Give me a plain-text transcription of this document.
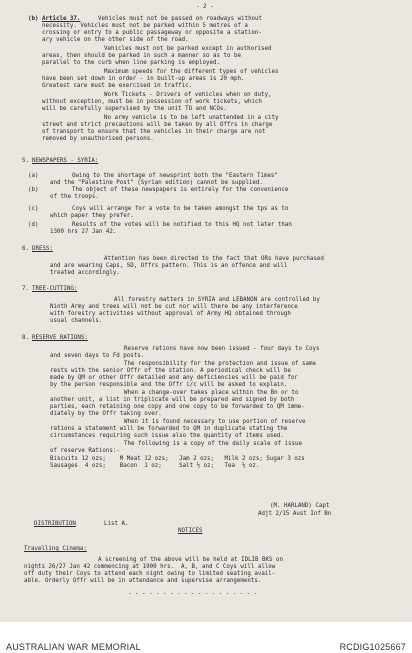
- 2 -
(b) Article 37.	Vehicles must not be passed on roadways without
necessity. Vehicles must not be parked within 5 metres of a
crossing or entry to a public passageway or opposite a station-
ary vehicle on the other side of the road.
Vehicles must not be parked except in authorised
areas, then should be parked in such a manner so as to be
parallel to the curb when line parking is employed.
Maximum speeds for the different types of vehicles
have been set down in order - in built-up areas is 20 mph.
Greatest care must be exercised in traffic.
Work Tickets - Drivers of vehicles when on duty,
without exception, must be in possession of work tickets, which
will be carefully supervised by the unit TO and NCOs.
No army vehicle is to be left unattended in a city
street and strict precautions will be taken by all Offrs in charge
of transport to ensure that the vehicles in their charge are not
removed by unauthorised persons.
5. NEWSPAPERS - SYRIA:
(a)	Owing to the shortage of newsprint both the "Eastern Times"
and the "Palestine Post" (Syrian edition) cannot be supplied.
(b)	The object of these newspapers is entirely for the convenience
of the troops.
(c)	Coys will arrange for a vote to be taken amongst the tps as to
which paper they prefer.
(d)	Results of the votes will be notified to this HQ not later than
1300 hrs 27 Jan 42.
6. DRESS:
Attention has been directed to the fact that ORs have purchased
and are wearing Caps, SD, Offrs pattern. This is an offence and will
treated accordingly.
7. TREE-CUTTING:
All forestry matters in SYRIA and LEBANON are controlled by
Ninth Army and trees will not be cut nor will there be any interference
with forestry activities without approval of Army HQ obtained through
usual channels.
8. RESERVE RATIONS:
Reserve rations have now been issued - four days to Coys
and seven days to Fd posts.
The responsibility for the protection and issue of same
rests with the senior Offr of the station. A periodical check will be
made by QM or other Offr detailed and any deficiencies will be paid for
by the person responsible and the Offr i/c will be asked to explain.
When a change-over takes place within the Bn or to
another unit, a list in triplicate will be prepared and signed by both
parties, each retaining one copy and one copy to be forwarded to QM imme-
diately by the Offr taking over.
When it is found necessary to use portion of reserve
rations a statement will be forwarded to QM in duplicate stating the
circumstances requiring such issue also the quantity of items used.
The following is a copy of the daily scale of issue
of reserve Rations:-
Biscuits 12 ozs;    M Meat 12 ozs;   Jam 2 ozs;   Milk 2 ozs; Sugar 3 ozs
Sausages  4 ozs;    Bacon  1 oz;     Salt ½ oz;   Tea  ½ oz.
(M. HARLAND) Capt
Adjt 2/15 Aust Inf Bn
DISTRIBUTION	List A.
NOTICES
Travelling Cinema:
A screening of the above will be held at IDLIB BKS on
nights 26/27 Jan 42 commencing at 1900 hrs.  A, B, and C Coys will allow
off duty their Coys to attend each night owing to limited seating avail-
able. Orderly Offr will be in attendance and supervise arrangements.
- - - - - - - - - - - - - - - - - - -
AUSTRALIAN WAR MEMORIAL	RCDIG1025667
